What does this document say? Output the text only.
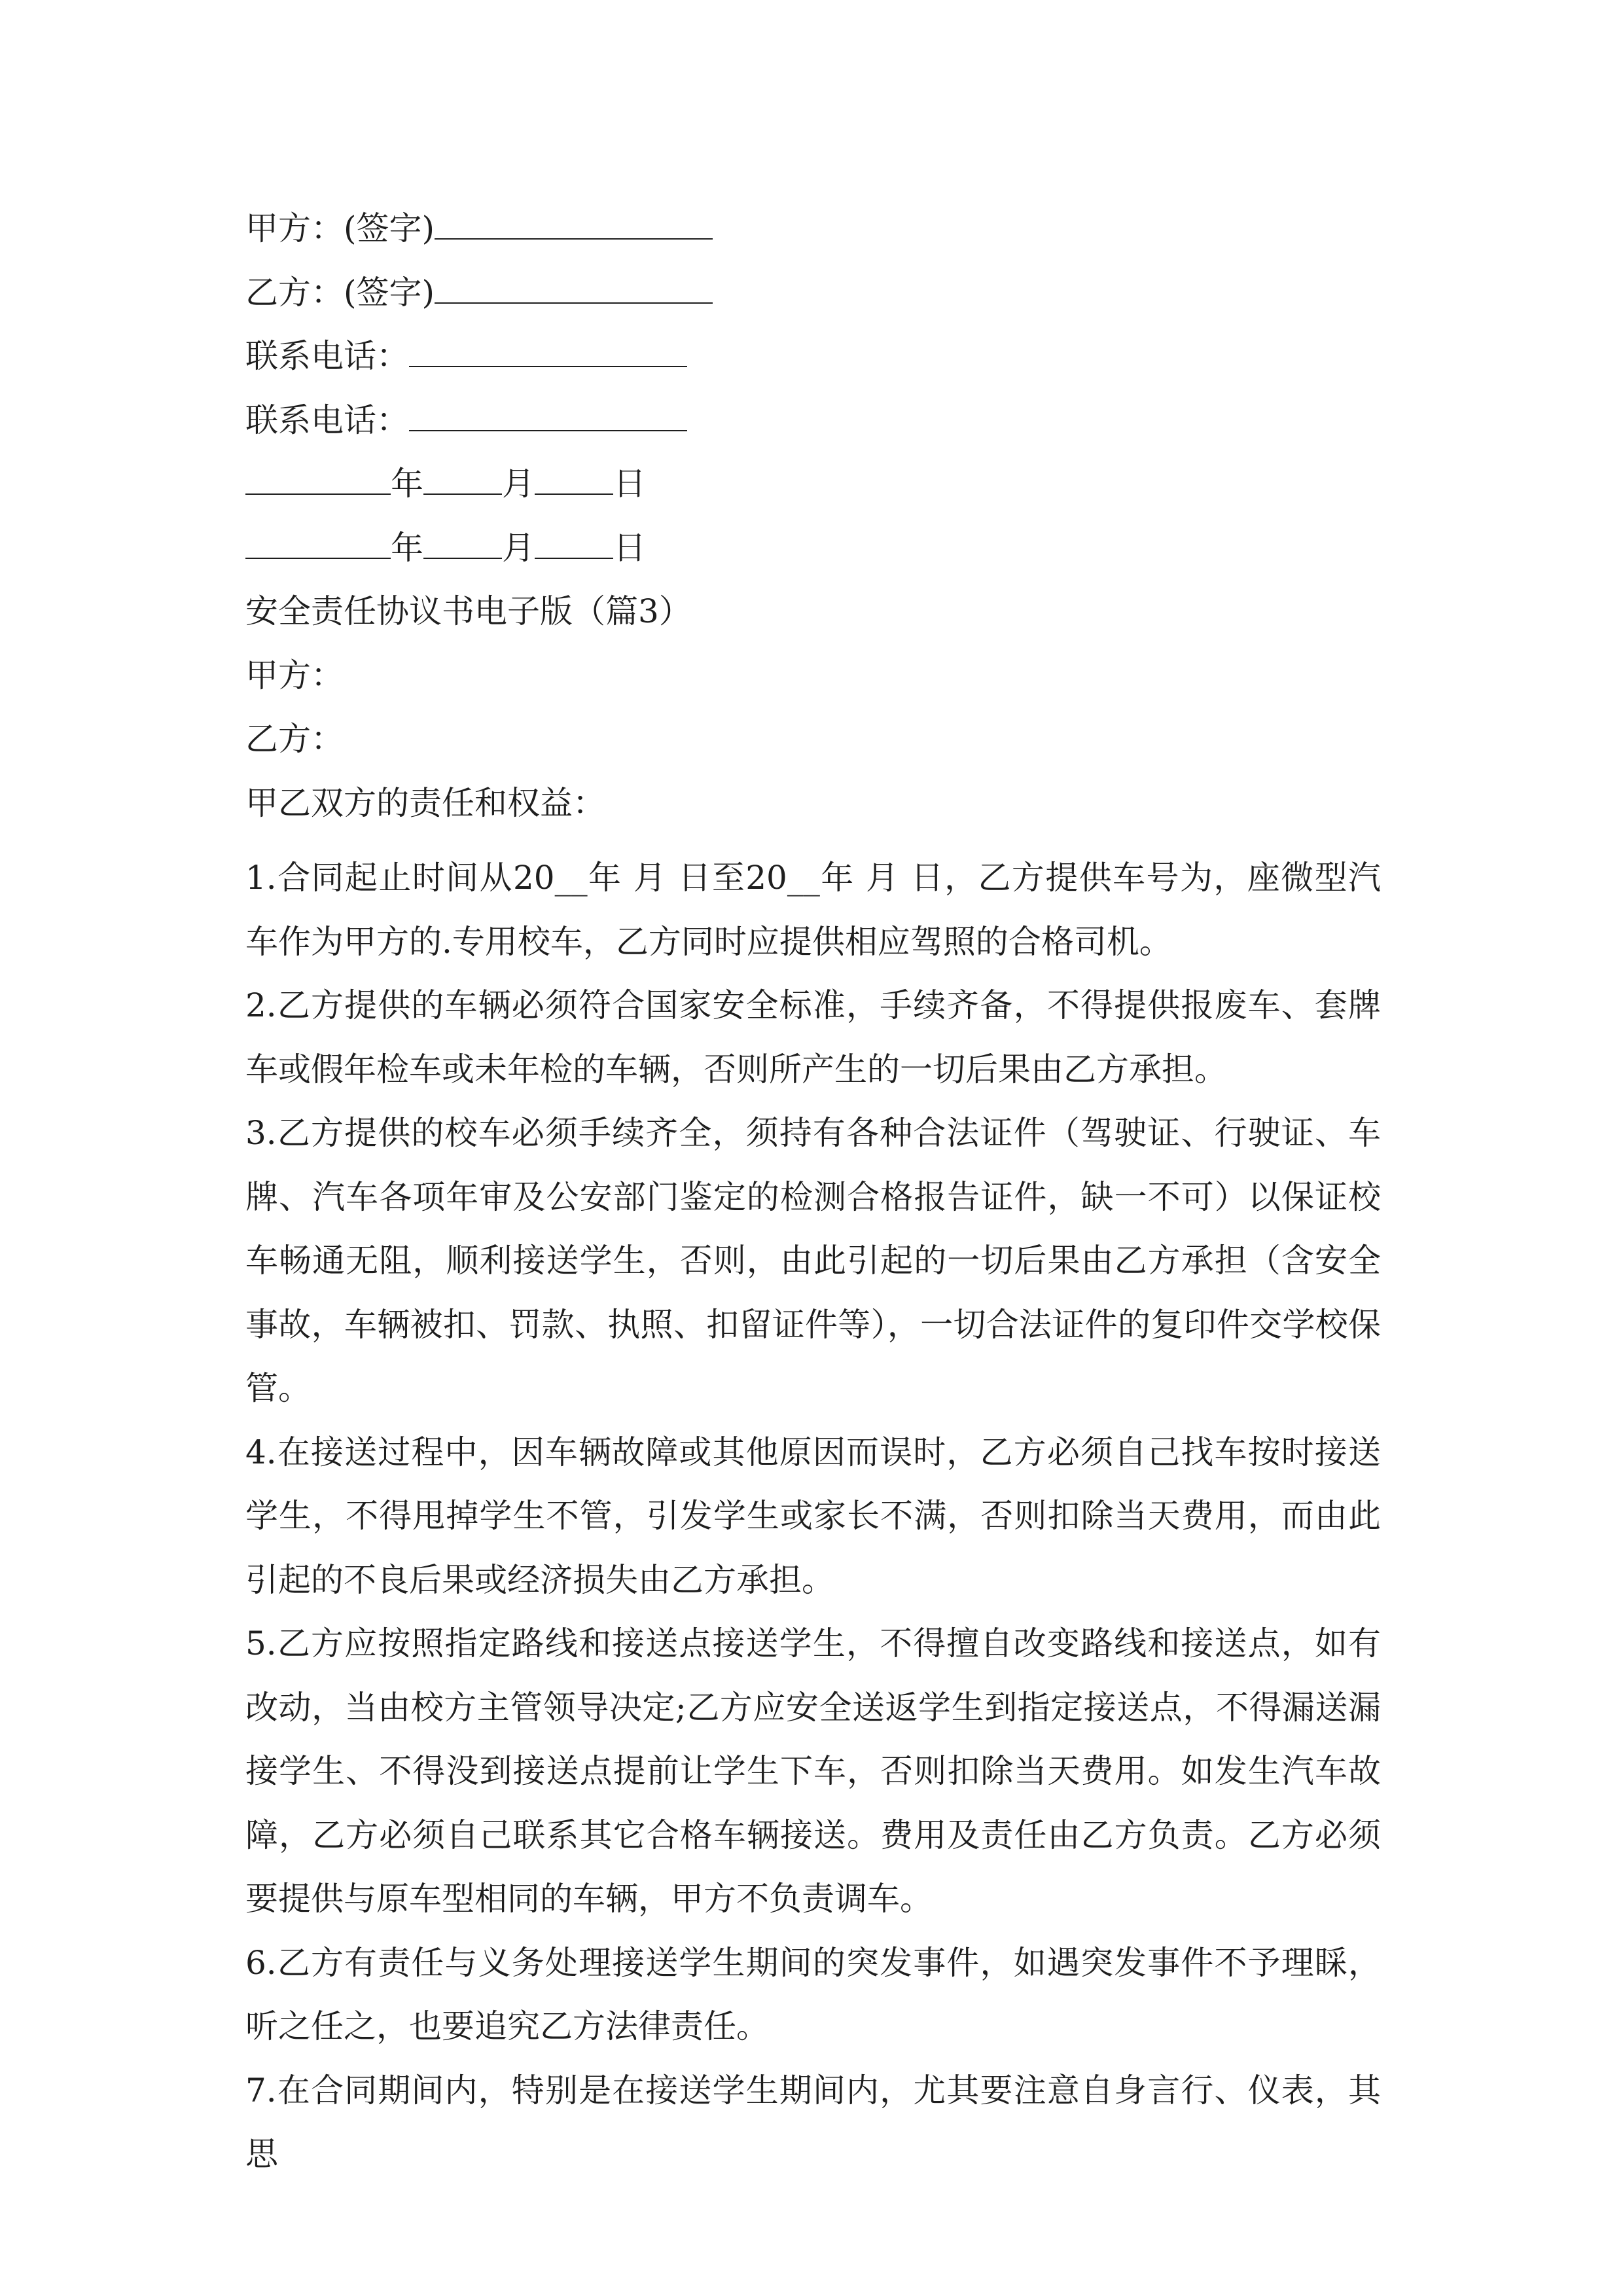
甲方：(签字)
乙方：(签字)
联系电话：
联系电话：
年 月 日
年 月 日
安全责任协议书电子版（篇3）
甲方：
乙方：
甲乙双方的责任和权益：
1.合同起止时间从20__年 月 日至20__年 月 日，乙方提供车号为，座微型汽车作为甲方的.专用校车，乙方同时应提供相应驾照的合格司机。
2.乙方提供的车辆必须符合国家安全标准，手续齐备，不得提供报废车、套牌车或假年检车或未年检的车辆，否则所产生的一切后果由乙方承担。
3.乙方提供的校车必须手续齐全，须持有各种合法证件（驾驶证、行驶证、车牌、汽车各项年审及公安部门鉴定的检测合格报告证件，缺一不可）以保证校车畅通无阻，顺利接送学生，否则，由此引起的一切后果由乙方承担（含安全事故，车辆被扣、罚款、执照、扣留证件等），一切合法证件的复印件交学校保管。
4.在接送过程中，因车辆故障或其他原因而误时，乙方必须自己找车按时接送学生，不得甩掉学生不管，引发学生或家长不满，否则扣除当天费用，而由此引起的不良后果或经济损失由乙方承担。
5.乙方应按照指定路线和接送点接送学生，不得擅自改变路线和接送点，如有改动，当由校方主管领导决定;乙方应安全送返学生到指定接送点，不得漏送漏接学生、不得没到接送点提前让学生下车，否则扣除当天费用。如发生汽车故障，乙方必须自己联系其它合格车辆接送。费用及责任由乙方负责。乙方必须要提供与原车型相同的车辆，甲方不负责调车。
6.乙方有责任与义务处理接送学生期间的突发事件，如遇突发事件不予理睬，听之任之，也要追究乙方法律责任。
7.在合同期间内，特别是在接送学生期间内，尤其要注意自身言行、仪表，其思
